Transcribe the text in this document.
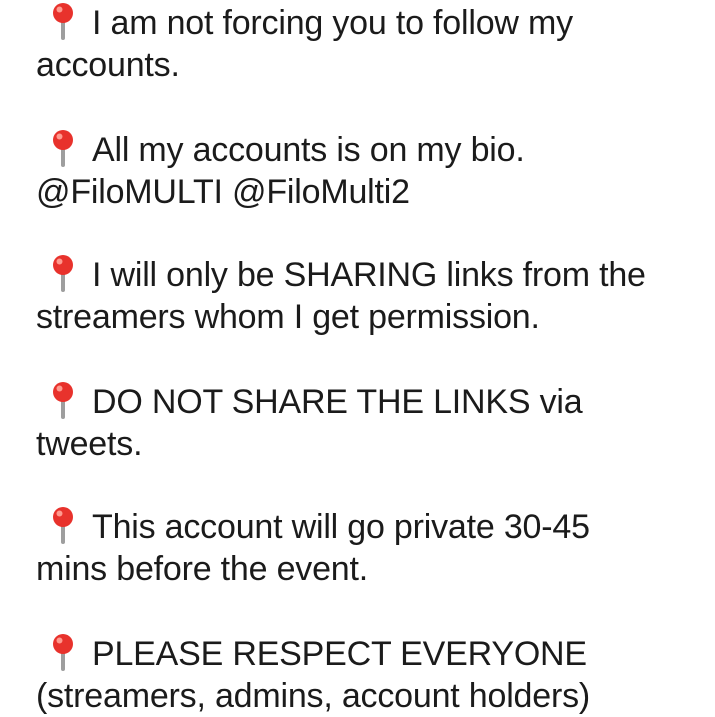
I am not forcing you to follow my
accounts.
All my accounts is on my bio.
@FiloMULTI @FiloMulti2
I will only be SHARING links from the
streamers whom I get permission.
DO NOT SHARE THE LINKS via
tweets.
This account will go private 30-45
mins before the event.
PLEASE RESPECT EVERYONE
(streamers, admins, account holders)
